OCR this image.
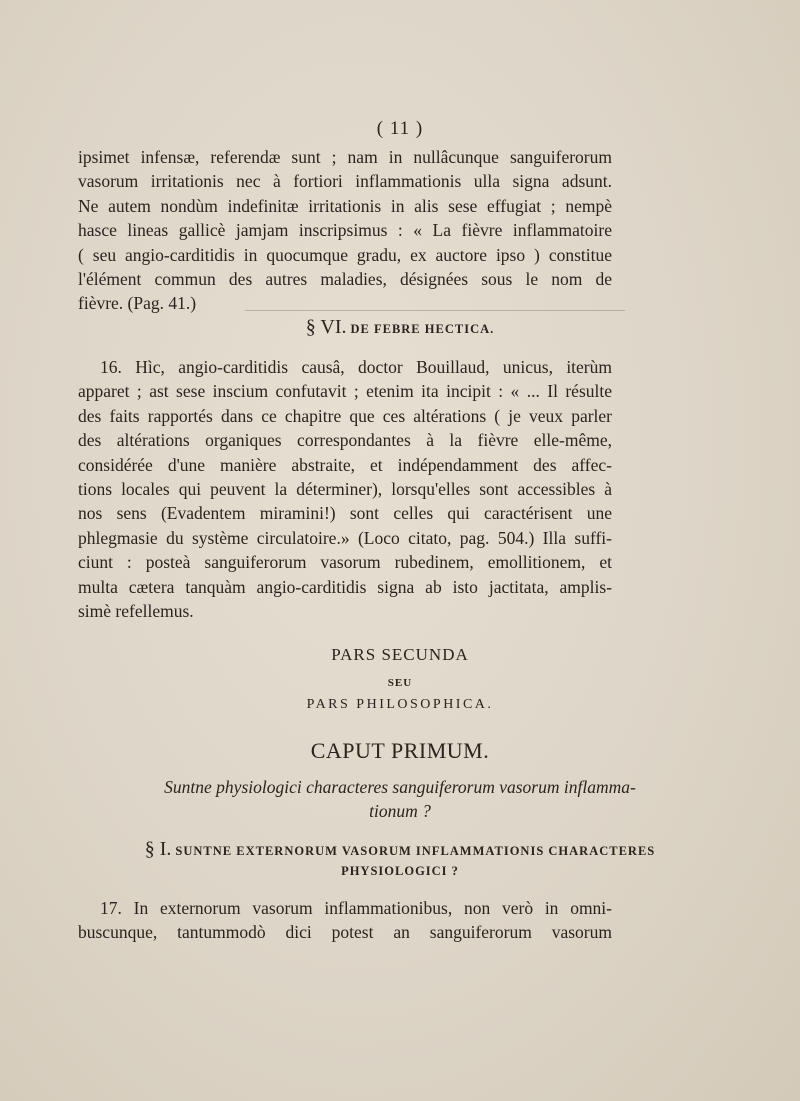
( 11 )

ipsimet infensæ, referendæ sunt ; nam in nullâcunque sanguiferorum
vasorum irritationis nec à fortiori inflammationis ulla signa adsunt.
Ne autem nondùm indefinitæ irritationis in alis sese effugiat ; nempè
hasce lineas gallicè jamjam inscripsimus : « La fièvre inflammatoire
( seu angio-carditidis in quocumque gradu, ex auctore ipso ) constitue
l'élément commun des autres maladies, désignées sous le nom de
fièvre. (Pag. 41.)

§ VI. DE FEBRE HECTICA.

16. Hìc, angio-carditidis causâ, doctor Bouillaud, unicus, iterùm
apparet ; ast sese inscium confutavit ; etenim ita incipit : « ... Il résulte
des faits rapportés dans ce chapitre que ces altérations ( je veux parler
des altérations organiques correspondantes à la fièvre elle-même,
considérée d'une manière abstraite, et indépendamment des affec-
tions locales qui peuvent la déterminer), lorsqu'elles sont accessibles à
nos sens (Evadentem miramini!) sont celles qui caractérisent une
phlegmasie du système circulatoire.» (Loco citato, pag. 504.) Illa suffi-
ciunt : posteà sanguiferorum vasorum rubedinem, emollitionem, et
multa cætera tanquàm angio-carditidis signa ab isto jactitata, amplis-
simè refellemus.

PARS SECUNDA
SEU
PARS PHILOSOPHICA.
CAPUT PRIMUM.
Suntne physiologici characteres sanguiferorum vasorum inflamma-
tionum ?
§ I. SUNTNE EXTERNORUM VASORUM INFLAMMATIONIS CHARACTERES
PHYSIOLOGICI ?

17. In externorum vasorum inflammationibus, non verò in omni-
buscunque, tantummodò dici potest an sanguiferorum vasorum
